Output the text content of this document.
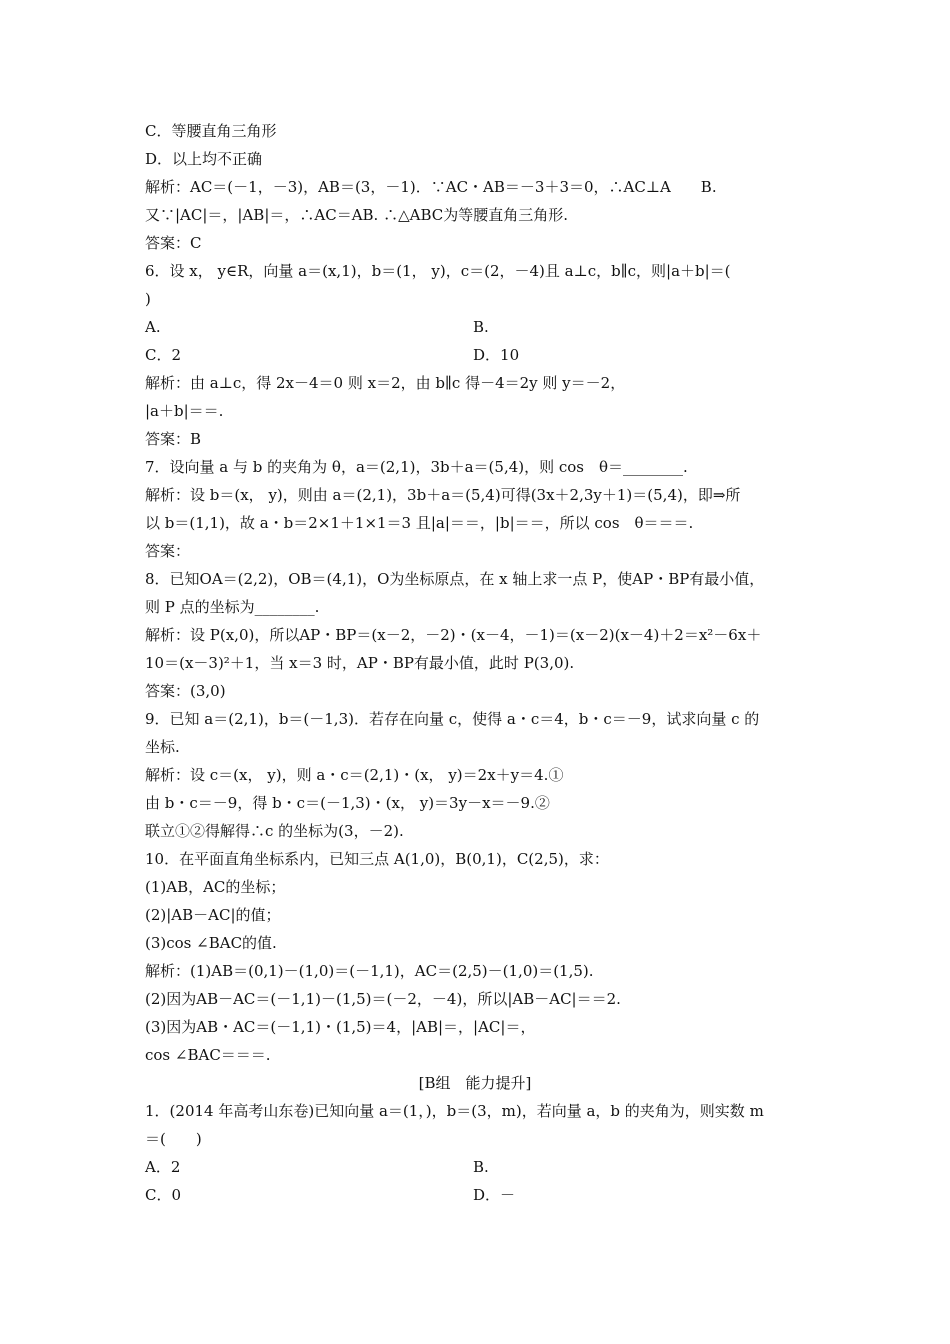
C．等腰直角三角形
D．以上均不正确
解析：AC＝(－1，－3)，AB＝(3，－1)．∵AC・AB＝－3＋3＝0，∴AC⊥A　　B.
又∵|AC|＝，|AB|＝，∴AC＝AB. ∴△ABC为等腰直角三角形.
答案：C
6．设 x， y∈R，向量 a＝(x,1)，b＝(1， y)，c＝(2，－4)且 a⊥c，b∥c，则|a＋b|＝(
)
A.	B.
C．2	D．10
解析：由 a⊥c，得 2x－4＝0 则 x＝2，由 b∥c 得－4＝2y 则 y＝－2，
|a＋b|＝＝.
答案：B
7．设向量 a 与 b 的夹角为 θ，a＝(2,1)，3b＋a＝(5,4)，则 cos　θ＝________.
解析：设 b＝(x， y)，则由 a＝(2,1)，3b＋a＝(5,4)可得(3x＋2,3y＋1)＝(5,4)，即⇒所
以 b＝(1,1)，故 a・b＝2×1＋1×1＝3 且|a|＝＝，|b|＝＝，所以 cos　θ＝＝＝.
答案：
8．已知OA＝(2,2)，OB＝(4,1)，O为坐标原点，在 x 轴上求一点 P，使AP・BP有最小值，
则 P 点的坐标为________.
解析：设 P(x,0)，所以AP・BP＝(x－2，－2)・(x－4，－1)＝(x－2)(x－4)＋2＝x²－6x＋
10＝(x－3)²＋1，当 x＝3 时，AP・BP有最小值，此时 P(3,0).
答案：(3,0)
9．已知 a＝(2,1)，b＝(－1,3)．若存在向量 c，使得 a・c＝4，b・c＝－9，试求向量 c 的
坐标.
解析：设 c＝(x， y)，则 a・c＝(2,1)・(x， y)＝2x＋y＝4.①
由 b・c＝－9，得 b・c＝(－1,3)・(x， y)＝3y－x＝－9.②
联立①②得解得∴c 的坐标为(3，－2).
10．在平面直角坐标系内，已知三点 A(1,0)，B(0,1)，C(2,5)，求：
(1)AB，AC的坐标；
(2)|AB－AC|的值；
(3)cos ∠BAC的值.
解析：(1)AB＝(0,1)－(1,0)＝(－1,1)，AC＝(2,5)－(1,0)＝(1,5).
(2)因为AB－AC＝(－1,1)－(1,5)＝(－2，－4)，所以|AB－AC|＝＝2.
(3)因为AB・AC＝(－1,1)・(1,5)＝4，|AB|＝，|AC|＝，
cos ∠BAC＝＝＝.
[B组　能力提升]
1．(2014 年高考山东卷)已知向量 a＝(1，)，b＝(3，m)，若向量 a，b 的夹角为，则实数 m
＝(　　)
A．2	B.
C．0	D．－
